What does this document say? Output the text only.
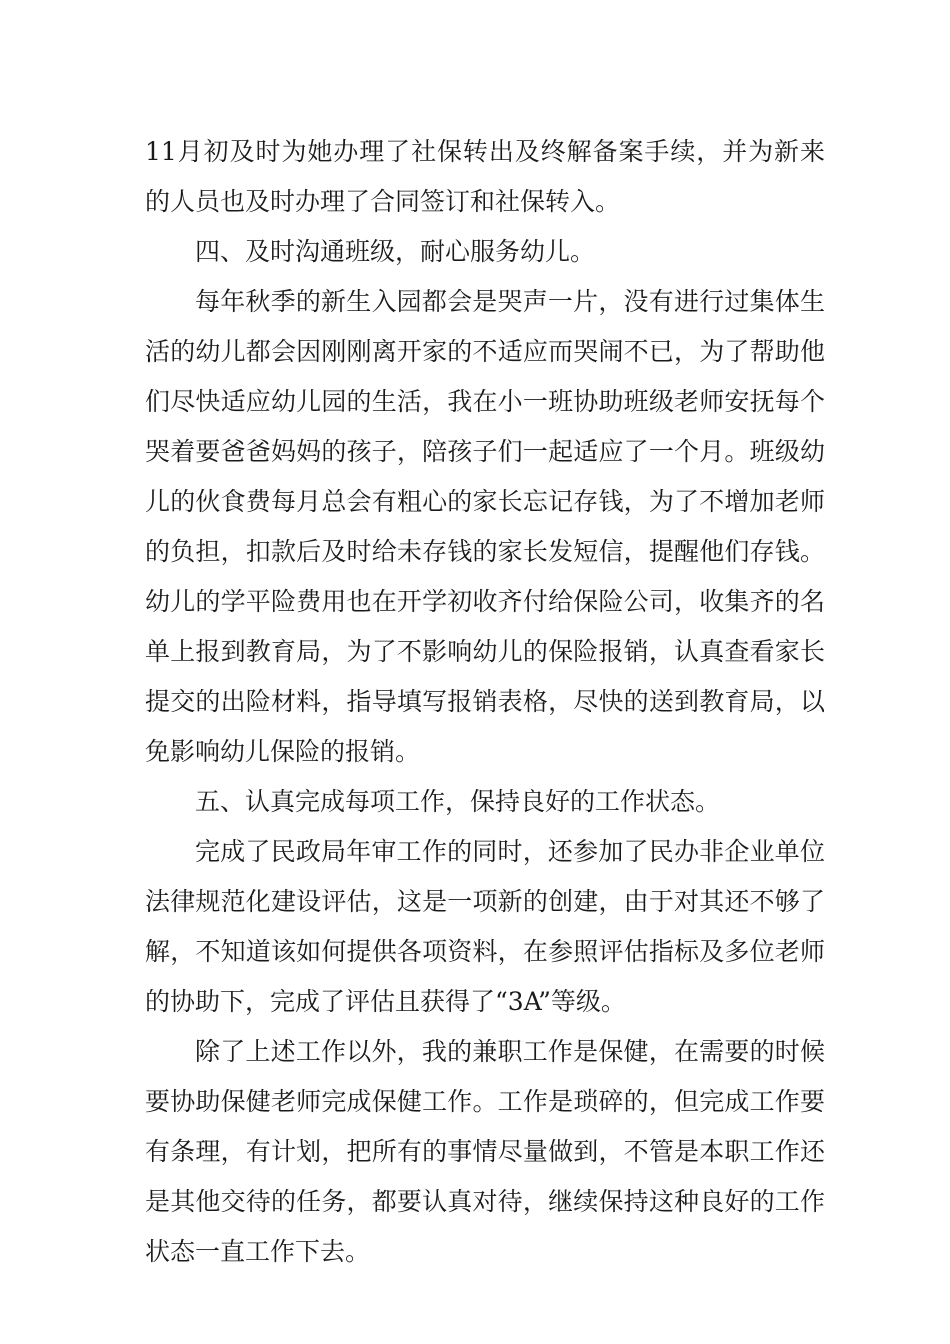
11月初及时为她办理了社保转出及终解备案手续，并为新来的人员也及时办理了合同签订和社保转入。

四、及时沟通班级，耐心服务幼儿。

每年秋季的新生入园都会是哭声一片，没有进行过集体生活的幼儿都会因刚刚离开家的不适应而哭闹不已，为了帮助他们尽快适应幼儿园的生活，我在小一班协助班级老师安抚每个哭着要爸爸妈妈的孩子，陪孩子们一起适应了一个月。班级幼儿的伙食费每月总会有粗心的家长忘记存钱，为了不增加老师的负担，扣款后及时给未存钱的家长发短信，提醒他们存钱。幼儿的学平险费用也在开学初收齐付给保险公司，收集齐的名单上报到教育局，为了不影响幼儿的保险报销，认真查看家长提交的出险材料，指导填写报销表格，尽快的送到教育局，以免影响幼儿保险的报销。

五、认真完成每项工作，保持良好的工作状态。

完成了民政局年审工作的同时，还参加了民办非企业单位法律规范化建设评估，这是一项新的创建，由于对其还不够了解，不知道该如何提供各项资料，在参照评估指标及多位老师的协助下，完成了评估且获得了“3A”等级。

除了上述工作以外，我的兼职工作是保健，在需要的时候要协助保健老师完成保健工作。工作是琐碎的，但完成工作要有条理，有计划，把所有的事情尽量做到，不管是本职工作还是其他交待的任务，都要认真对待，继续保持这种良好的工作状态一直工作下去。
